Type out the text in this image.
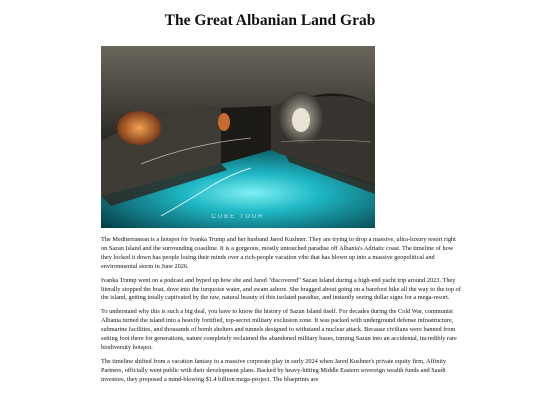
The Great Albanian Land Grab
CUBE TOUR

The Mediterranean is a hotspot for Ivanka Trump and her husband Jared Kushner. They are trying to drop a massive, ultra-luxury resort right on Sazan Island and the surrounding coastline. It is a gorgeous, mostly untouched paradise off Albania's Adriatic coast. The timeline of how they locked it down has people losing their minds over a rich-people vacation vibe that has blown up into a massive geopolitical and environmental storm in June 2026.

Ivanka Trump went on a podcast and hyped up how she and Jared "discovered" Sazan Island during a high-end yacht trip around 2023. They literally stopped the boat, dove into the turquoise water, and swam ashore. She bragged about going on a barefoot hike all the way to the top of the island, getting totally captivated by the raw, natural beauty of this isolated paradise, and instantly seeing dollar signs for a mega-resort.

To understand why this is such a big deal, you have to know the history of Sazan Island itself. For decades during the Cold War, communist Albania turned the island into a heavily fortified, top-secret military exclusion zone. It was packed with underground defense infrastructure, submarine facilities, and thousands of bomb shelters and tunnels designed to withstand a nuclear attack. Because civilians were banned from setting foot there for generations, nature completely reclaimed the abandoned military bases, turning Sazan into an accidental, incredibly rare biodiversity hotspot.

The timeline shifted from a vacation fantasy to a massive corporate play in early 2024 when Jared Kushner's private equity firm, Affinity Partners, officially went public with their development plans. Backed by heavy-hitting Middle Eastern sovereign wealth funds and Saudi investors, they proposed a mind-blowing $1.4 billion mega-project. The blueprints are
